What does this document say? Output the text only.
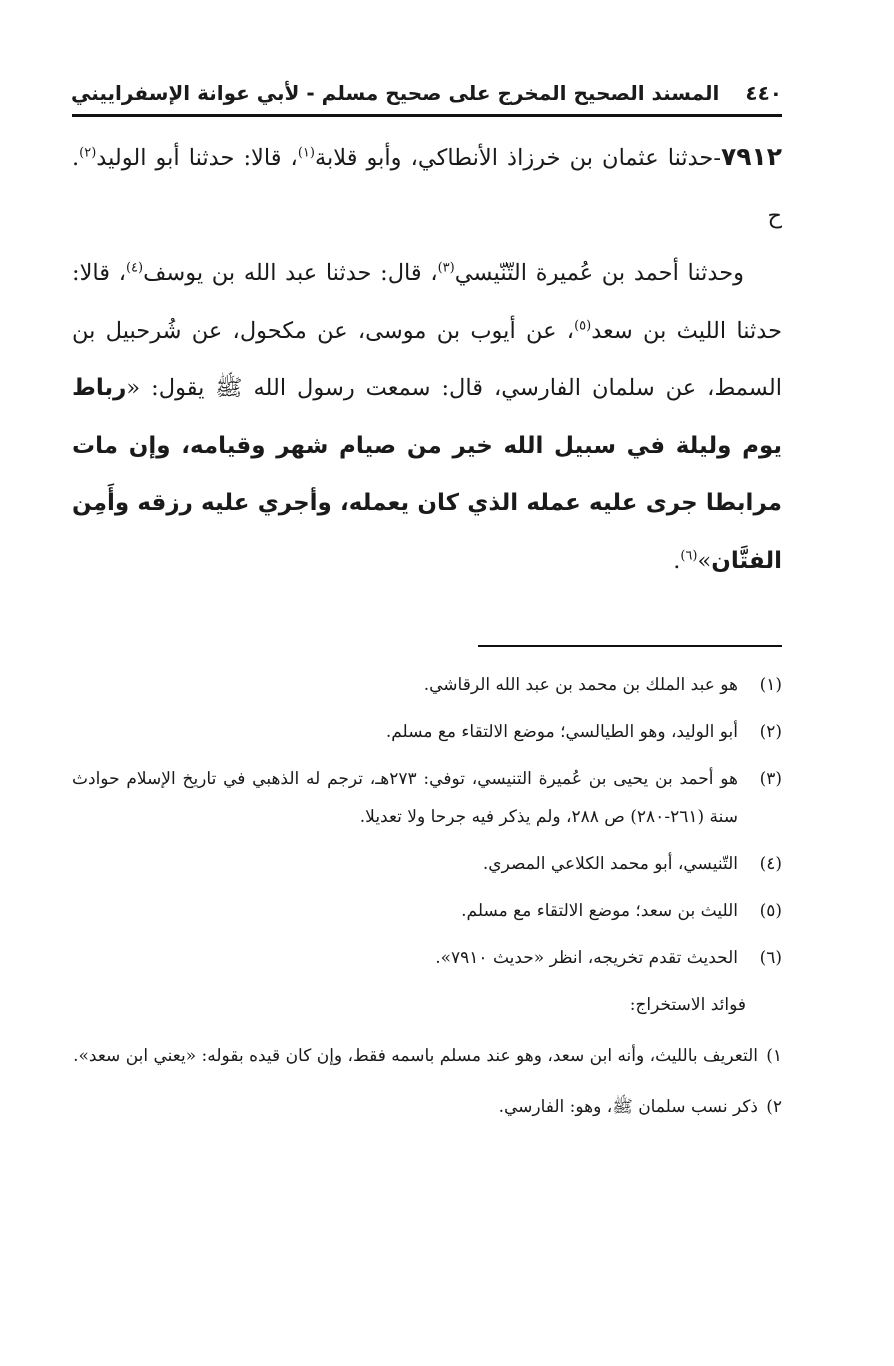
٤٤٠
المسند الصحيح المخرج على صحيح مسلم - لأبي عوانة الإسفراييني

٧٩١٢-حدثنا عثمان بن خرزاذ الأنطاكي، وأبو قلابة$^{(١)}$، قالا: حدثنا أبو الوليد$^{(٢)}$. ح

وحدثنا أحمد بن عُميرة التّنّيسي$^{(٣)}$، قال: حدثنا عبد الله بن يوسف$^{(٤)}$، قالا: حدثنا الليث بن سعد$^{(٥)}$، عن أيوب بن موسى، عن مكحول، عن شُرحبيل بن السمط، عن سلمان الفارسي، قال: سمعت رسول الله ﷺ يقول: «رباط يوم وليلة في سبيل الله خير من صيام شهر وقيامه، وإن مات مرابطا جرى عليه عمله الذي كان يعمله، وأجري عليه رزقه وأَمِن الفتَّان»$^{(٦)}$.

(١)
هو عبد الملك بن محمد بن عبد الله الرقاشي.

(٢)
أبو الوليد، وهو الطيالسي؛ موضع الالتقاء مع مسلم.

(٣)
هو أحمد بن يحيى بن عُميرة التنيسي، توفي: ٢٧٣هـ، ترجم له الذهبي في تاريخ الإسلام حوادث سنة (٢٦١-٢٨٠) ص ٢٨٨، ولم يذكر فيه جرحا ولا تعديلا.

(٤)
التّنيسي، أبو محمد الكلاعي المصري.

(٥)
الليث بن سعد؛ موضع الالتقاء مع مسلم.

(٦)
الحديث تقدم تخريجه، انظر «حديث ٧٩١٠».

فوائد الاستخراج:

١)
التعريف بالليث، وأنه ابن سعد، وهو عند مسلم باسمه فقط، وإن كان قيده بقوله: «يعني ابن سعد».

٢)
ذكر نسب سلمان ﷺ، وهو: الفارسي.
